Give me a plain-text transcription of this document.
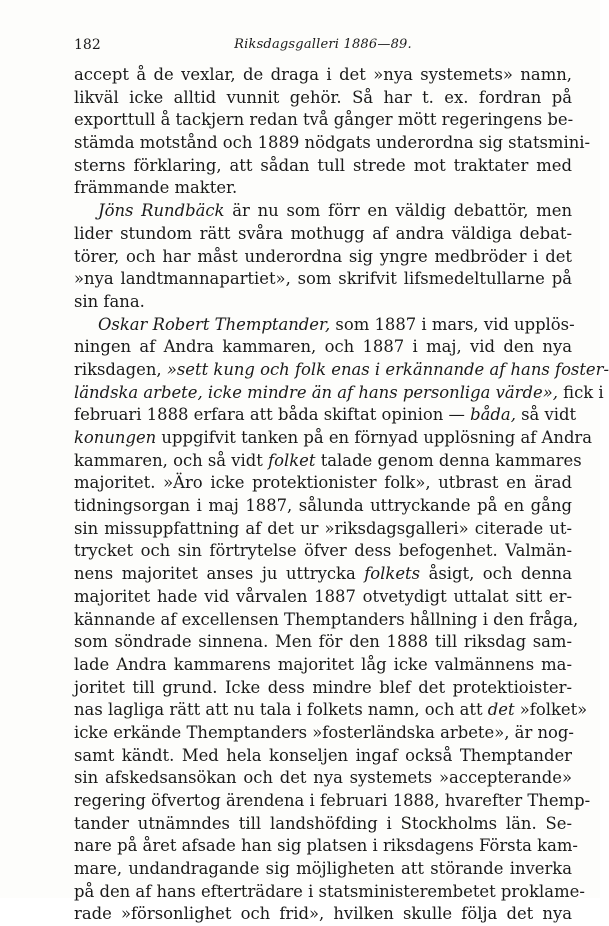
182	Riksdagsgalleri 1886—89.
accept å de vexlar, de draga i det »nya systemets» namn,
likväl icke alltid vunnit gehör. Så har t. ex. fordran på
exporttull å tackjern redan två gånger mött regeringens be-
stämda motstånd och 1889 nödgats underordna sig statsmini-
sterns förklaring, att sådan tull strede mot traktater med
främmande makter.
Jöns Rundbäck är nu som förr en väldig debattör, men
lider stundom rätt svåra mothugg af andra väldiga debat-
törer, och har måst underordna sig yngre medbröder i det
»nya landtmannapartiet», som skrifvit lifsmedeltullarne på
sin fana.
Oskar Robert Themptander, som 1887 i mars, vid upplös-
ningen af Andra kammaren, och 1887 i maj, vid den nya
riksdagen, »sett kung och folk enas i erkännande af hans foster-
ländska arbete, icke mindre än af hans personliga värde», fick i
februari 1888 erfara att båda skiftat opinion — båda, så vidt
konungen uppgifvit tanken på en förnyad upplösning af Andra
kammaren, och så vidt folket talade genom denna kammares
majoritet. »Äro icke protektionister folk», utbrast en ärad
tidningsorgan i maj 1887, sålunda uttryckande på en gång
sin missuppfattning af det ur »riksdagsgalleri» citerade ut-
trycket och sin förtrytelse öfver dess befogenhet. Valmän-
nens majoritet anses ju uttrycka folkets åsigt, och denna
majoritet hade vid vårvalen 1887 otvetydigt uttalat sitt er-
kännande af excellensen Themptanders hållning i den fråga,
som söndrade sinnena. Men för den 1888 till riksdag sam-
lade Andra kammarens majoritet låg icke valmännens ma-
joritet till grund. Icke dess mindre blef det protektioister-
nas lagliga rätt att nu tala i folkets namn, och att det »folket»
icke erkände Themptanders »fosterländska arbete», är nog-
samt kändt. Med hela konseljen ingaf också Themptander
sin afskedsansökan och det nya systemets »accepterande»
regering öfvertog ärendena i februari 1888, hvarefter Themp-
tander utnämndes till landshöfding i Stockholms län. Se-
nare på året afsade han sig platsen i riksdagens Första kam-
mare, undandragande sig möjligheten att störande inverka
på den af hans efterträdare i statsministerembetet proklame-
rade »försonlighet och frid», hvilken skulle följa det nya
